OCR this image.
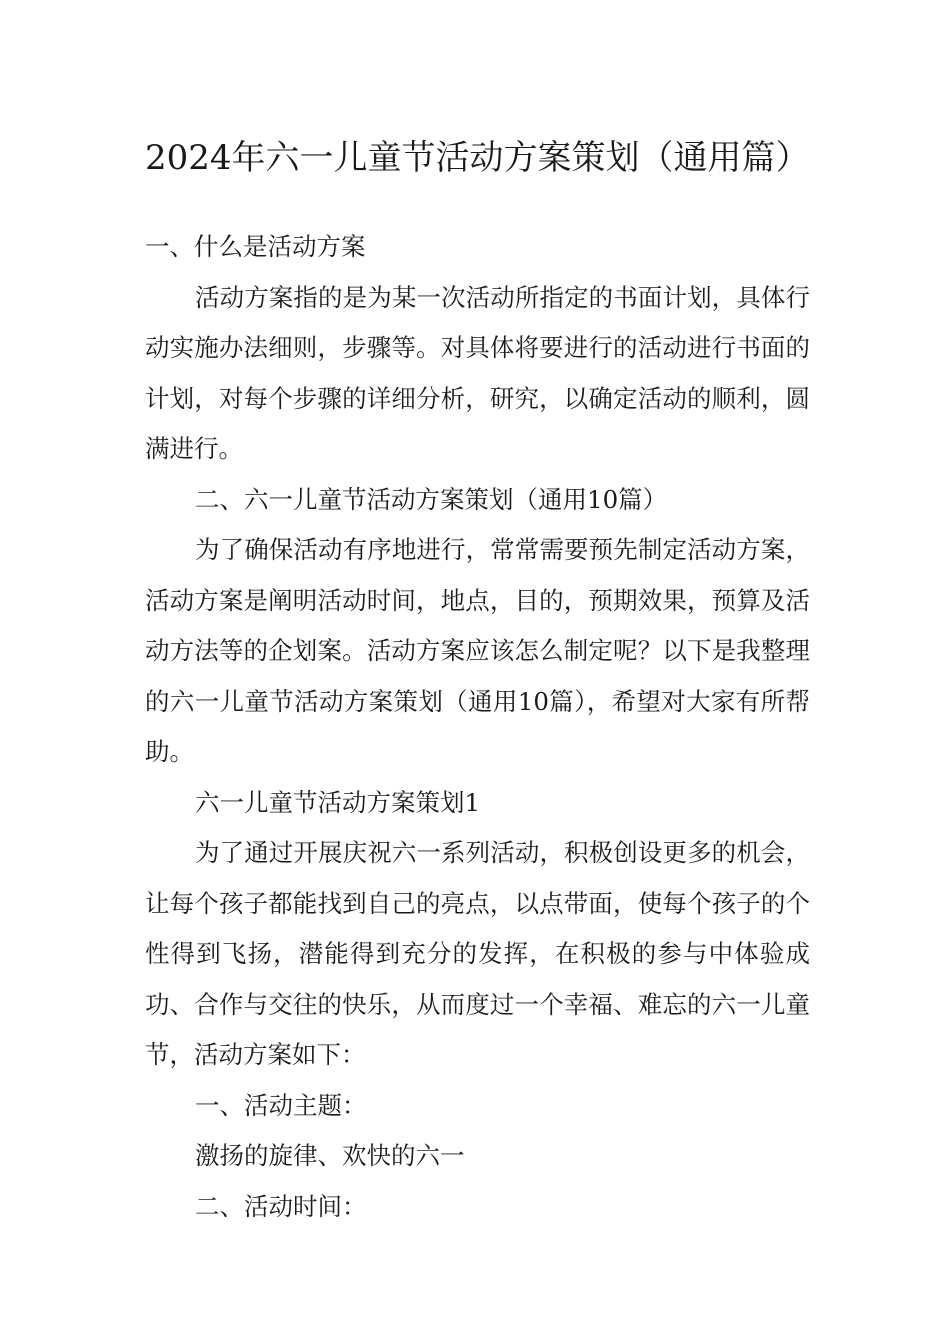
2024年六一儿童节活动方案策划（通用篇）

一、什么是活动方案

活动方案指的是为某一次活动所指定的书面计划，具体行动实施办法细则，步骤等。对具体将要进行的活动进行书面的计划，对每个步骤的详细分析，研究，以确定活动的顺利，圆满进行。

二、六一儿童节活动方案策划（通用10篇）

为了确保活动有序地进行，常常需要预先制定活动方案，活动方案是阐明活动时间，地点，目的，预期效果，预算及活动方法等的企划案。活动方案应该怎么制定呢？以下是我整理的六一儿童节活动方案策划（通用10篇），希望对大家有所帮助。

六一儿童节活动方案策划1

为了通过开展庆祝六一系列活动，积极创设更多的机会，让每个孩子都能找到自己的亮点，以点带面，使每个孩子的个性得到飞扬，潜能得到充分的发挥，在积极的参与中体验成功、合作与交往的快乐，从而度过一个幸福、难忘的六一儿童节，活动方案如下：

一、活动主题：

激扬的旋律、欢快的六一

二、活动时间：
